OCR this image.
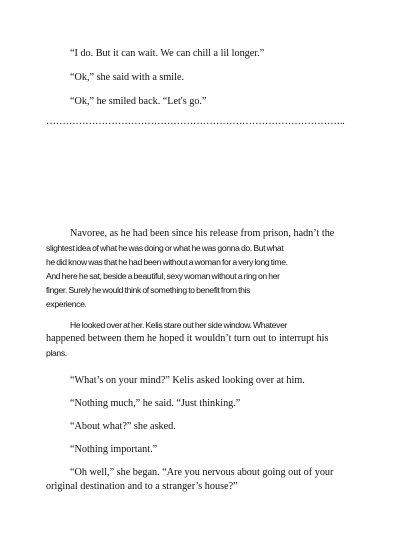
“I do. But it can wait. We can chill a lil longer.”

“Ok,” she said with a smile.

“Ok,” he smiled back. “Let's go.”

………………………………………………………………………………..
Navoree, as he had been since his release from prison, hadn’t the
slightest idea of what he was doing or what he was gonna do. But what
he did know was that he had been without a woman for a very long time.
And here he sat, beside a beautiful, sexy woman without a ring on her
finger. Surely he would think of something to benefit from this
experience.
He looked over at her. Kelis stare out her side window. Whatever
happened between them he hoped it wouldn’t turn out to interrupt his
plans.

“What’s on your mind?” Kelis asked looking over at him.

“Nothing much,” he said. “Just thinking.”

“About what?” she asked.

“Nothing important.”

“Oh well,” she began. “Are you nervous about going out of your
original destination and to a stranger’s house?”
